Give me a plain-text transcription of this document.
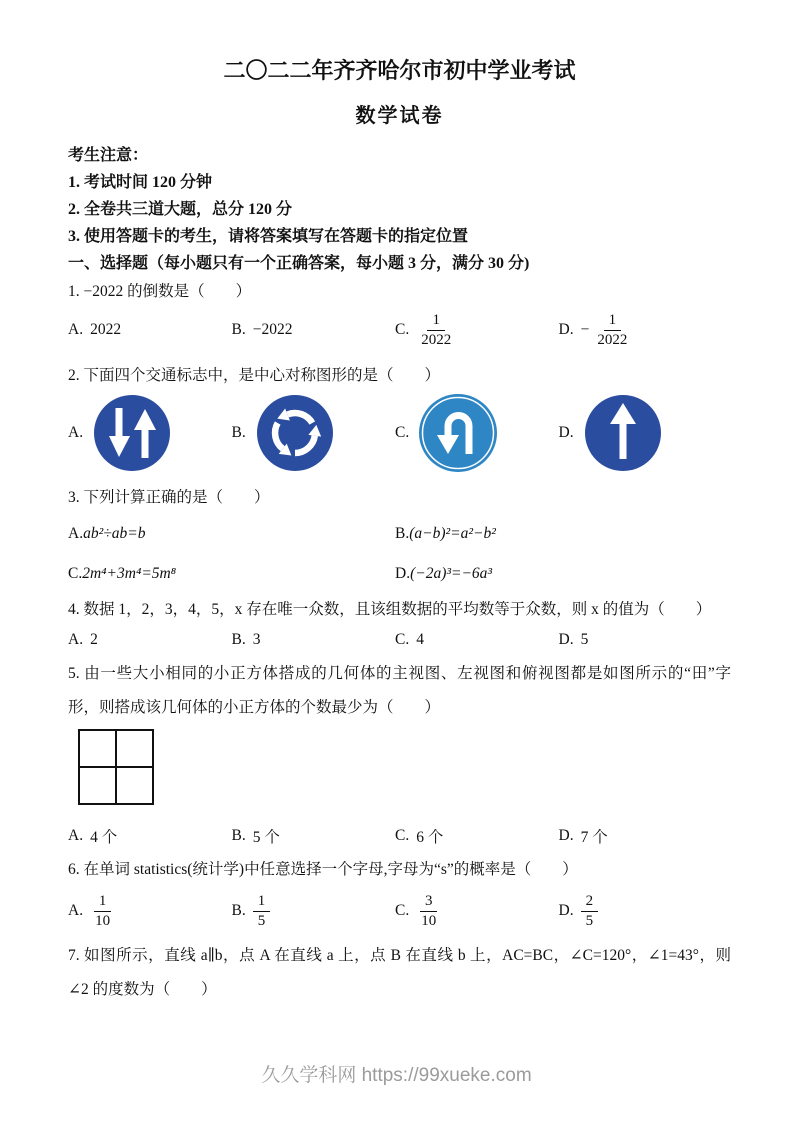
二〇二二年齐齐哈尔市初中学业考试
数学试卷
考生注意：
1. 考试时间 120 分钟
2. 全卷共三道大题，总分 120 分
3. 使用答题卡的考生，请将答案填写在答题卡的指定位置
一、选择题（每小题只有一个正确答案，每小题 3 分，满分 30 分)
1. −2022 的倒数是（　　）
A. 2022	B. −2022	C. $\frac{1}{2022}$	D. − $\frac{1}{2022}$
2. 下面四个交通标志中，是中心对称图形的是（　　）
A.	B.	C.	D.
3. 下列计算正确的是（　　）
A. ab²÷ab=b	B. (a−b)²=a²−b²
C. 2m⁴+3m⁴=5m⁸	D. (−2a)³=−6a³
4. 数据 1，2，3，4，5，x 存在唯一众数，且该组数据的平均数等于众数，则 x 的值为（　　）
A. 2	B. 3	C. 4	D. 5
5. 由一些大小相同的小正方体搭成的几何体的主视图、左视图和俯视图都是如图所示的“田”字形，则搭成该几何体的小正方体的个数最少为（　　）
A. 4 个	B. 5 个	C. 6 个	D. 7 个
6. 在单词 statistics(统计学)中任意选择一个字母,字母为“s”的概率是（　　）
A. $\frac{1}{10}$	B. $\frac{1}{5}$	C. $\frac{3}{10}$	D. $\frac{2}{5}$
7. 如图所示，直线 a∥b，点 A 在直线 a 上，点 B 在直线 b 上，AC=BC，∠C=120°，∠1=43°，则∠2 的度数为（　　）
久久学科网 https://99xueke.com
